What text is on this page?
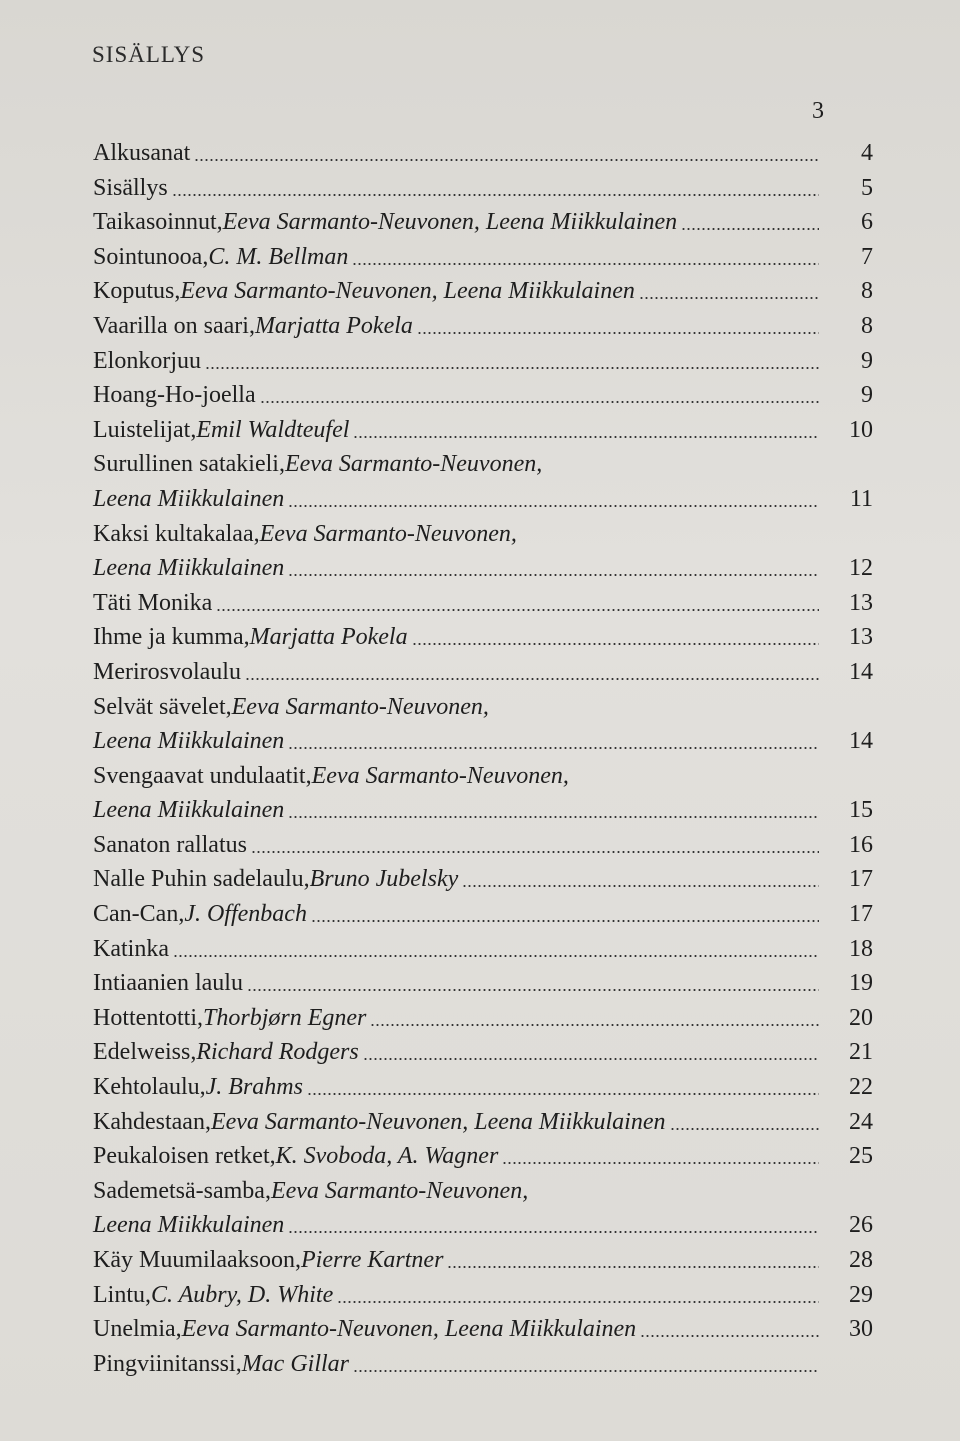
SISÄLLYS
3
Alkusanat	4
Sisällys	5
Taikasoinnut , Eeva Sarmanto-Neuvonen, Leena Miikkulainen	6
Sointunooa , C. M. Bellman	7
Koputus , Eeva Sarmanto-Neuvonen, Leena Miikkulainen	8
Vaarilla on saari , Marjatta Pokela	8
Elonkorjuu	9
Hoang-Ho-joella	9
Luistelijat , Emil Waldteufel	10
Surullinen satakieli , Eeva Sarmanto-Neuvonen,
Leena Miikkulainen	11
Kaksi kultakalaa , Eeva Sarmanto-Neuvonen,
Leena Miikkulainen	12
Täti Monika	13
Ihme ja kumma , Marjatta Pokela	13
Merirosvolaulu	14
Selvät sävelet , Eeva Sarmanto-Neuvonen,
Leena Miikkulainen	14
Svengaavat undulaatit , Eeva Sarmanto-Neuvonen,
Leena Miikkulainen	15
Sanaton rallatus	16
Nalle Puhin sadelaulu , Bruno Jubelsky	17
Can-Can , J. Offenbach	17
Katinka	18
Intiaanien laulu	19
Hottentotti , Thorbjørn Egner	20
Edelweiss , Richard Rodgers	21
Kehtolaulu , J. Brahms	22
Kahdestaan , Eeva Sarmanto-Neuvonen, Leena Miikkulainen	24
Peukaloisen retket , K. Svoboda, A. Wagner	25
Sademetsä-samba , Eeva Sarmanto-Neuvonen,
Leena Miikkulainen	26
Käy Muumilaaksoon , Pierre Kartner	28
Lintu , C. Aubry, D. White	29
Unelmia , Eeva Sarmanto-Neuvonen, Leena Miikkulainen	30
Pingviinitanssi , Mac Gillar
